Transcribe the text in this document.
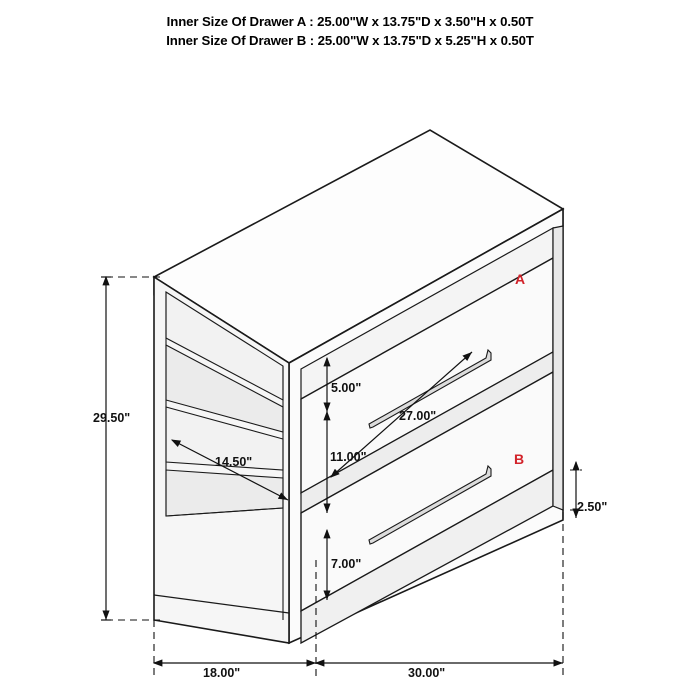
Inner Size Of Drawer A : 25.00"W x 13.75"D x 3.50"H x 0.50T
Inner Size Of Drawer B : 25.00"W x 13.75"D x 5.25"H x 0.50T
29.50"
14.50"
27.00"
5.00"
11.00"
7.00"
2.50"
18.00"	30.00"
A
B
